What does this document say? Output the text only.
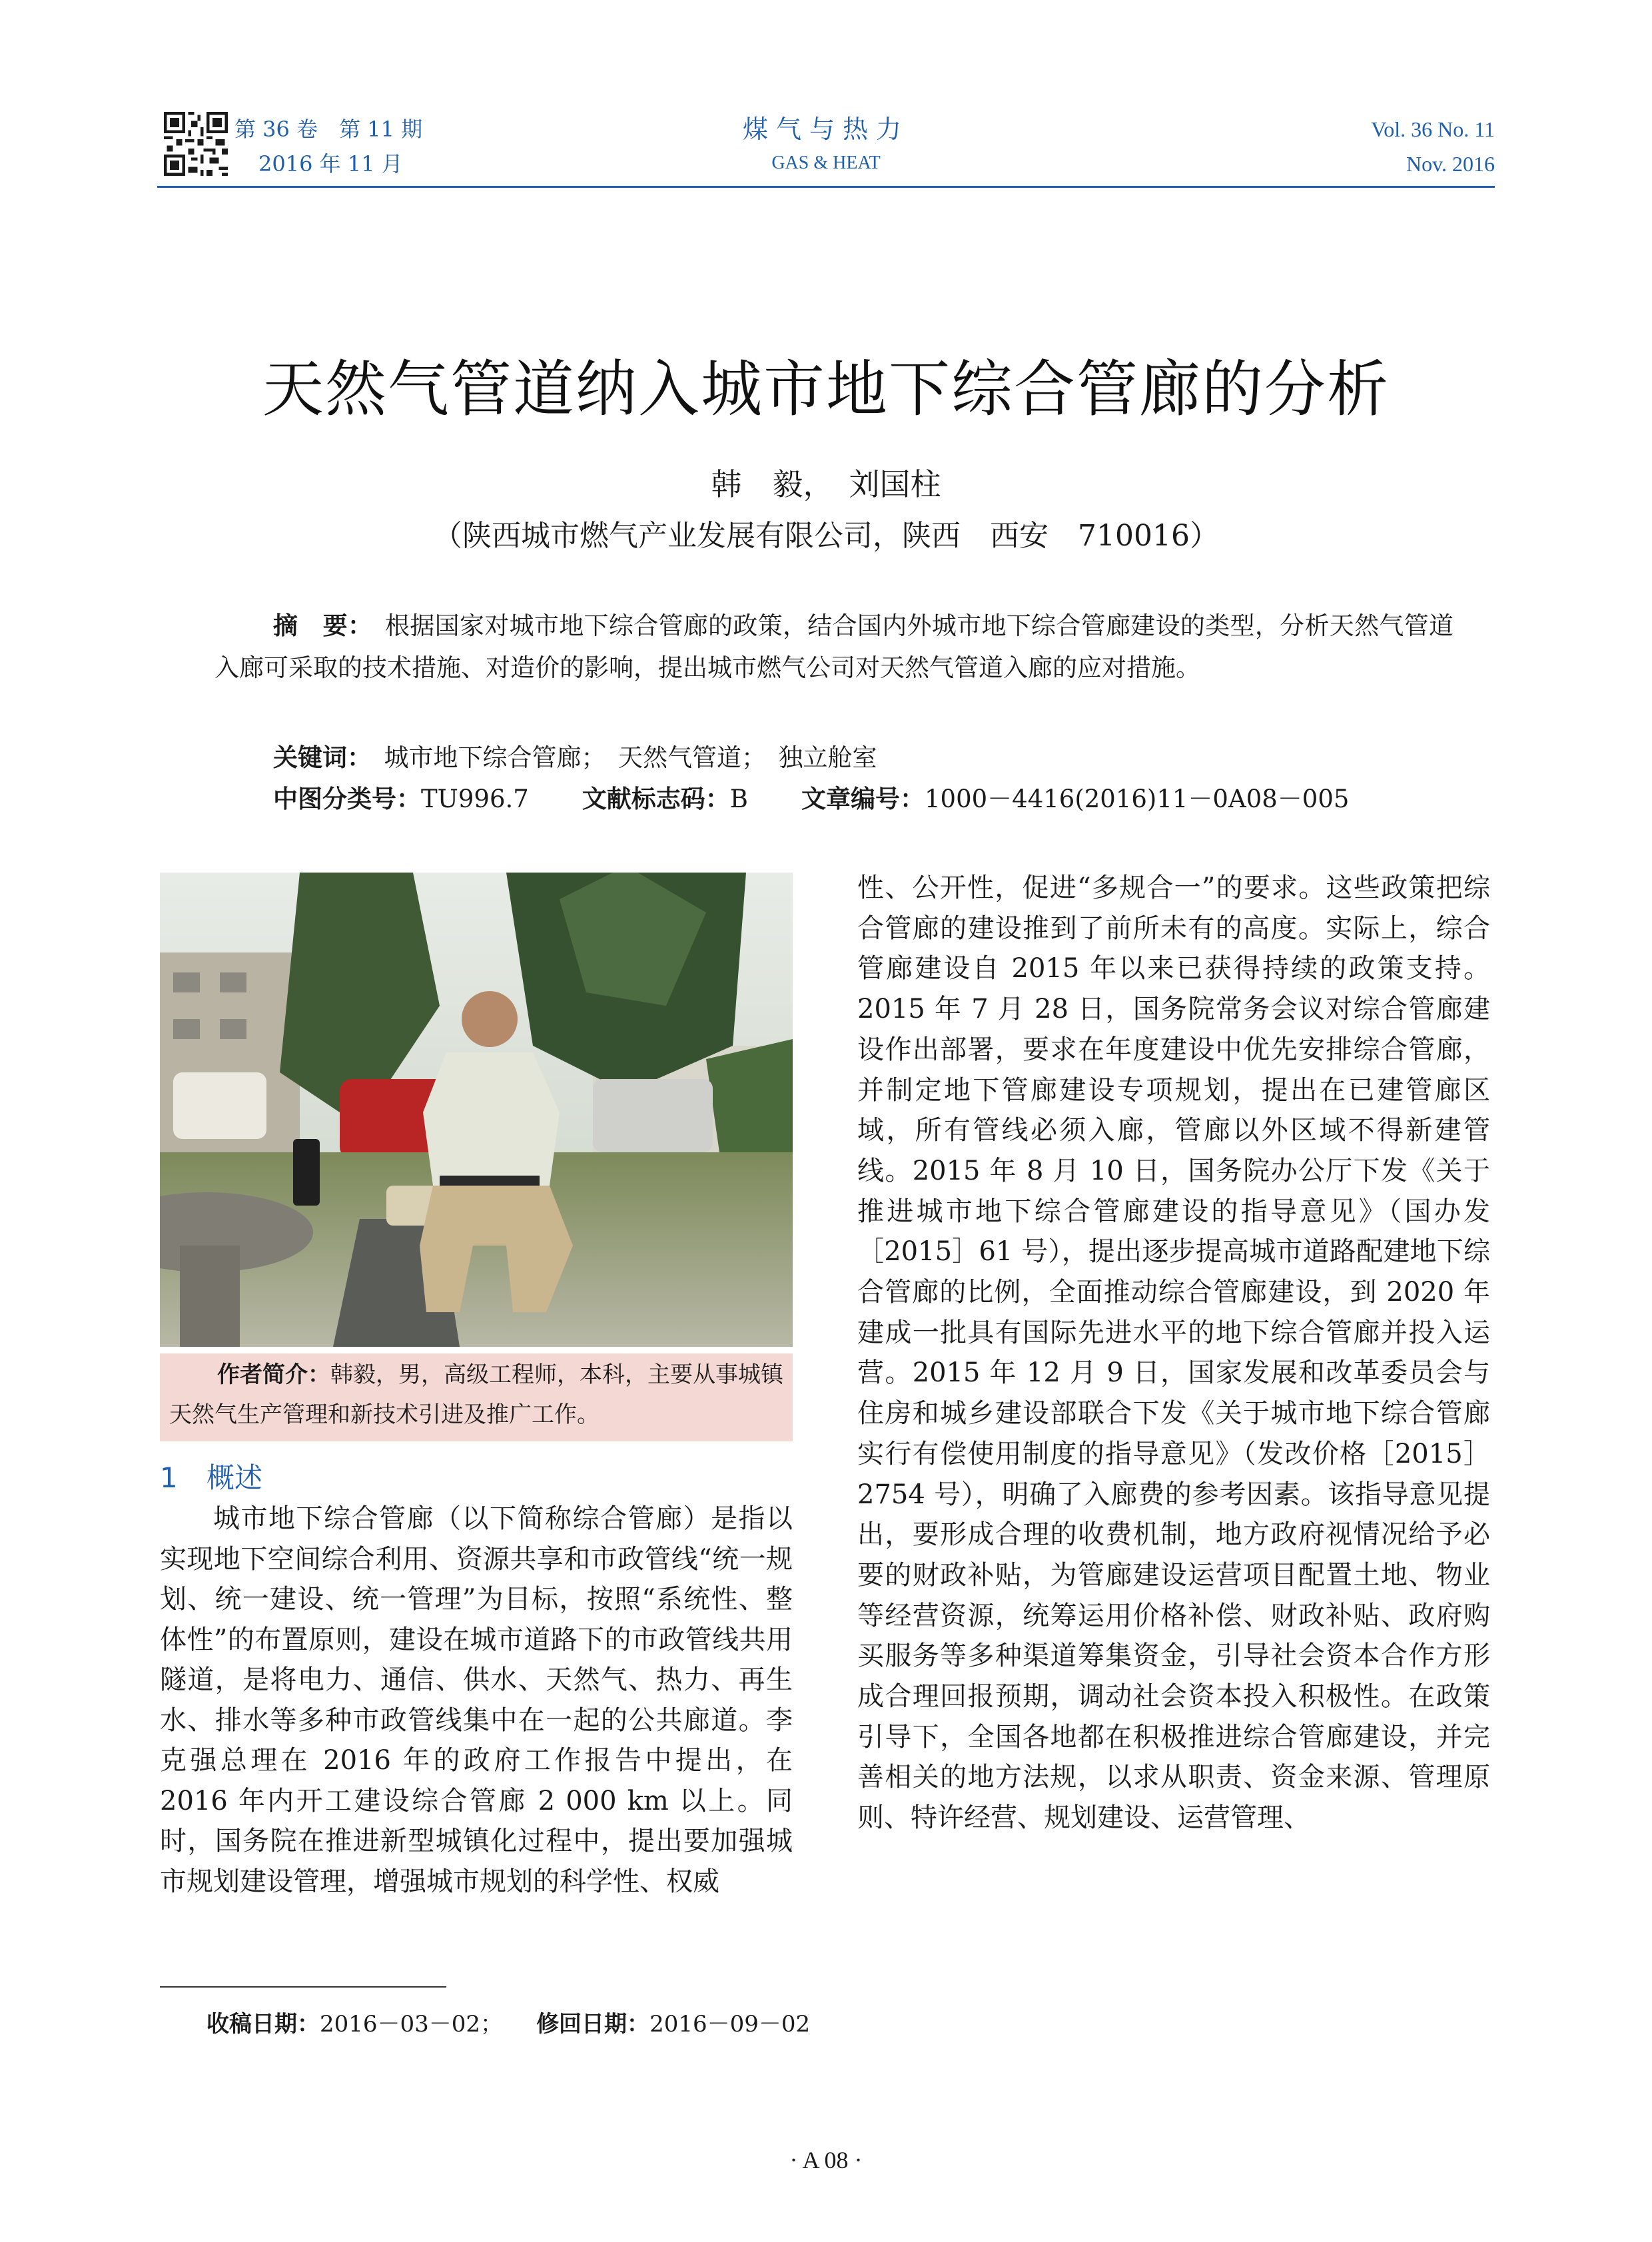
第 36 卷　第 11 期
2016 年 11 月
煤气与热力
GAS & HEAT
Vol. 36 No. 11
Nov. 2016
天然气管道纳入城市地下综合管廊的分析
韩　毅，　刘国柱
（陕西城市燃气产业发展有限公司，陕西　西安　710016）
摘　要：　根据国家对城市地下综合管廊的政策，结合国内外城市地下综合管廊建设的类型，分析天然气管道入廊可采取的技术措施、对造价的影响，提出城市燃气公司对天然气管道入廊的应对措施。
关键词：　城市地下综合管廊；　天然气管道；　独立舱室
中图分类号：TU996.7 文献标志码：B 文章编号：1000－4416(2016)11－0A08－005
作者简介：韩毅，男，高级工程师，本科，主要从事城镇天然气生产管理和新技术引进及推广工作。
1 概述

城市地下综合管廊（以下简称综合管廊）是指以实现地下空间综合利用、资源共享和市政管线“统一规划、统一建设、统一管理”为目标，按照“系统性、整体性”的布置原则，建设在城市道路下的市政管线共用隧道，是将电力、通信、供水、天然气、热力、再生水、排水等多种市政管线集中在一起的公共廊道。李克强总理在 2016 年的政府工作报告中提出，在 2016 年内开工建设综合管廊 2 000 km 以上。同时，国务院在推进新型城镇化过程中，提出要加强城市规划建设管理，增强城市规划的科学性、权威

性、公开性，促进“多规合一”的要求。这些政策把综合管廊的建设推到了前所未有的高度。实际上，综合管廊建设自 2015 年以来已获得持续的政策支持。2015 年 7 月 28 日，国务院常务会议对综合管廊建设作出部署，要求在年度建设中优先安排综合管廊，并制定地下管廊建设专项规划，提出在已建管廊区域，所有管线必须入廊，管廊以外区域不得新建管线。2015 年 8 月 10 日，国务院办公厅下发《关于推进城市地下综合管廊建设的指导意见》（国办发［2015］61 号），提出逐步提高城市道路配建地下综合管廊的比例，全面推动综合管廊建设，到 2020 年建成一批具有国际先进水平的地下综合管廊并投入运营。2015 年 12 月 9 日，国家发展和改革委员会与住房和城乡建设部联合下发《关于城市地下综合管廊实行有偿使用制度的指导意见》（发改价格［2015］2754 号），明确了入廊费的参考因素。该指导意见提出，要形成合理的收费机制，地方政府视情况给予必要的财政补贴，为管廊建设运营项目配置土地、物业等经营资源，统筹运用价格补偿、财政补贴、政府购买服务等多种渠道筹集资金，引导社会资本合作方形成合理回报预期，调动社会资本投入积极性。在政策引导下，全国各地都在积极推进综合管廊建设，并完善相关的地方法规，以求从职责、资金来源、管理原则、特许经营、规划建设、运营管理、

收稿日期：2016－03－02； 修回日期：2016－09－02
· A 08 ·
